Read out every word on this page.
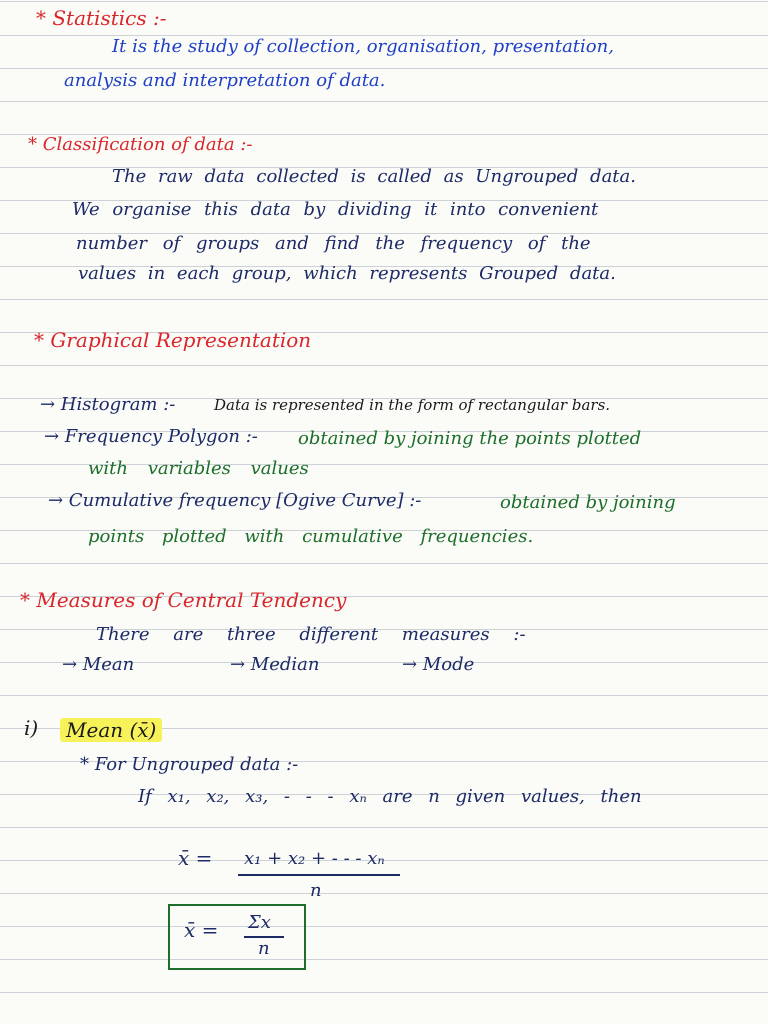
* Statistics :-
It is the study of collection, organisation, presentation,
analysis and interpretation of data.
* Classification of data :-
The raw data collected is called as Ungrouped data.
We organise this data by dividing it into convenient
number of groups and find the frequency of the
values in each group, which represents Grouped data.
* Graphical Representation
→ Histogram :-	Data is represented in the form of rectangular bars.
→ Frequency Polygon :- obtained by joining the points plotted
with variables values
→ Cumulative frequency [Ogive Curve] :-	obtained by joining
points plotted with cumulative frequencies.
* Measures of Central Tendency
There are three different measures :-
→ Mean	→ Median	→ Mode
i)	Mean (x̄)
* For Ungrouped data :-
If x₁, x₂, x₃, - - - xₙ are n given values, then
x̄ = x₁ + x₂ + - - - xₙ
n
x̄ = Σx
n
